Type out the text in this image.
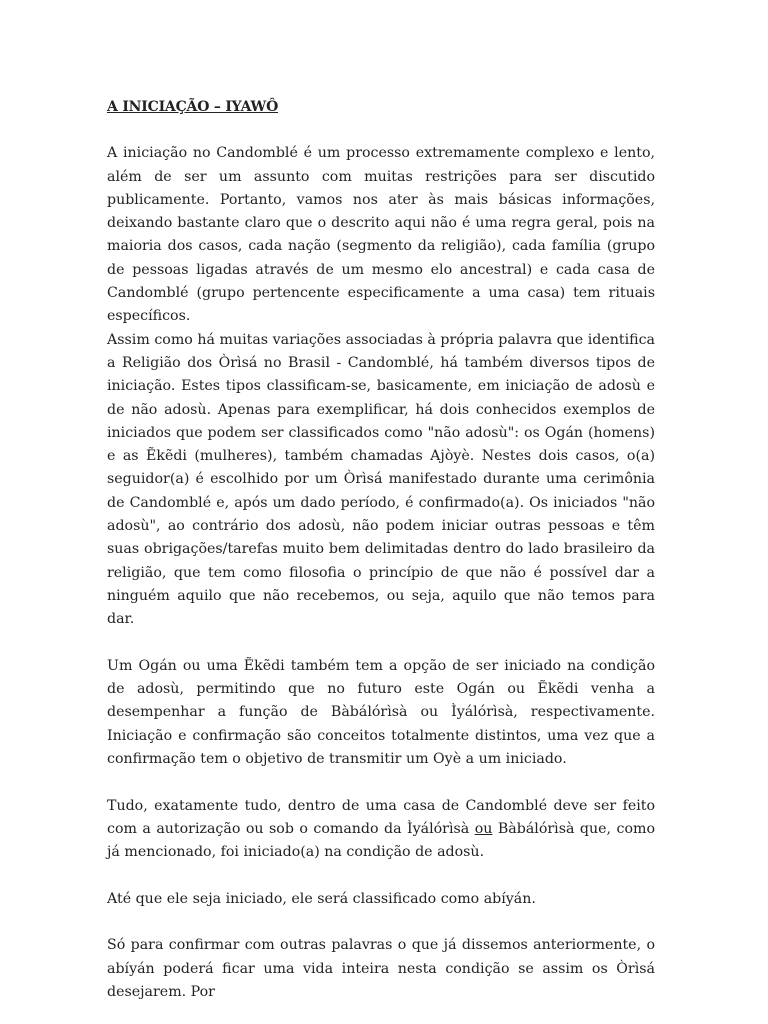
A INICIAÇÃO – IYAWÔ

A iniciação no Candomblé é um processo extremamente complexo e lento, além de ser um assunto com muitas restrições para ser discutido publicamente. Portanto, vamos nos ater às mais básicas informações, deixando bastante claro que o descrito aqui não é uma regra geral, pois na maioria dos casos, cada nação (segmento da religião), cada família (grupo de pessoas ligadas através de um mesmo elo ancestral) e cada casa de Candomblé (grupo pertencente especificamente a uma casa) tem rituais específicos.

Assim como há muitas variações associadas à própria palavra que identifica a Religião dos Òrìsá no Brasil - Candomblé, há também diversos tipos de iniciação. Estes tipos classificam-se, basicamente, em iniciação de adosù e de não adosù. Apenas para exemplificar, há dois conhecidos exemplos de iniciados que podem ser classificados como "não adosù": os Ogán (homens) e as Ẽkẽdi (mulheres), também chamadas Ajòyè. Nestes dois casos, o(a) seguidor(a) é escolhido por um Òrìsá manifestado durante uma cerimônia de Candomblé e, após um dado período, é confirmado(a). Os iniciados "não adosù", ao contrário dos adosù, não podem iniciar outras pessoas e têm suas obrigações/tarefas muito bem delimitadas dentro do lado brasileiro da religião, que tem como filosofia o princípio de que não é possível dar a ninguém aquilo que não recebemos, ou seja, aquilo que não temos para dar.

Um Ogán ou uma Ẽkẽdi também tem a opção de ser iniciado na condição de adosù, permitindo que no futuro este Ogán ou Ẽkẽdi venha a desempenhar a função de Bàbálórìsà ou Ìyálórìsà, respectivamente. Iniciação e confirmação são conceitos totalmente distintos, uma vez que a confirmação tem o objetivo de transmitir um Oyè a um iniciado.

Tudo, exatamente tudo, dentro de uma casa de Candomblé deve ser feito com a autorização ou sob o comando da Ìyálórìsà ou Bàbálórìsà que, como já mencionado, foi iniciado(a) na condição de adosù.

Até que ele seja iniciado, ele será classificado como abíyán.

Só para confirmar com outras palavras o que já dissemos anteriormente, o abíyán poderá ficar uma vida inteira nesta condição se assim os Òrìsá desejarem. Por
